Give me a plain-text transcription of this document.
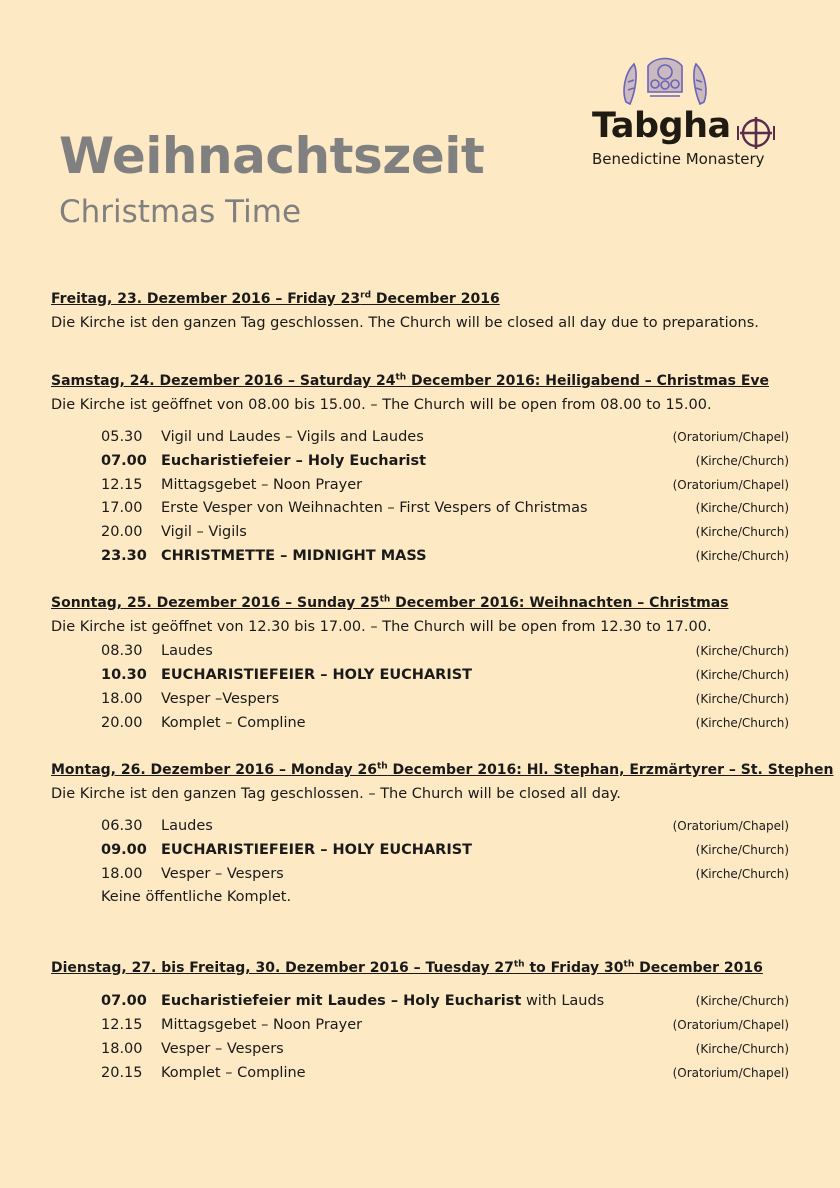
Weihnachtszeit
Christmas Time
Tabgha
Benedictine Monastery
Freitag, 23. Dezember 2016 – Friday 23rd December 2016
Die Kirche ist den ganzen Tag geschlossen. The Church will be closed all day due to preparations.
Samstag, 24. Dezember 2016 – Saturday 24th December 2016: Heiligabend – Christmas Eve
Die Kirche ist geöffnet von 08.00 bis 15.00. – The Church will be open from 08.00 to 15.00.
05.30 Vigil und Laudes – Vigils and Laudes	(Oratorium/Chapel)
07.00 Eucharistiefeier – Holy Eucharist	(Kirche/Church)
12.15 Mittagsgebet – Noon Prayer	(Oratorium/Chapel)
17.00 Erste Vesper von Weihnachten – First Vespers of Christmas	(Kirche/Church)
20.00 Vigil – Vigils	(Kirche/Church)
23.30 CHRISTMETTE – MIDNIGHT MASS	(Kirche/Church)
Sonntag, 25. Dezember 2016 – Sunday 25th December 2016: Weihnachten – Christmas
Die Kirche ist geöffnet von 12.30 bis 17.00. – The Church will be open from 12.30 to 17.00.
08.30 Laudes	(Kirche/Church)
10.30 EUCHARISTIEFEIER – HOLY EUCHARIST	(Kirche/Church)
18.00 Vesper –Vespers	(Kirche/Church)
20.00 Komplet – Compline	(Kirche/Church)
Montag, 26. Dezember 2016 – Monday 26th December 2016: Hl. Stephan, Erzmärtyrer – St. Stephen
Die Kirche ist den ganzen Tag geschlossen. – The Church will be closed all day.
06.30 Laudes	(Oratorium/Chapel)
09.00 EUCHARISTIEFEIER – HOLY EUCHARIST	(Kirche/Church)
18.00 Vesper – Vespers	(Kirche/Church)
Keine öffentliche Komplet.
Dienstag, 27. bis Freitag, 30. Dezember 2016 – Tuesday 27th to Friday 30th December 2016
07.00 Eucharistiefeier mit Laudes – Holy Eucharist with Lauds	(Kirche/Church)
12.15 Mittagsgebet – Noon Prayer	(Oratorium/Chapel)
18.00 Vesper – Vespers	(Kirche/Church)
20.15 Komplet – Compline	(Oratorium/Chapel)
